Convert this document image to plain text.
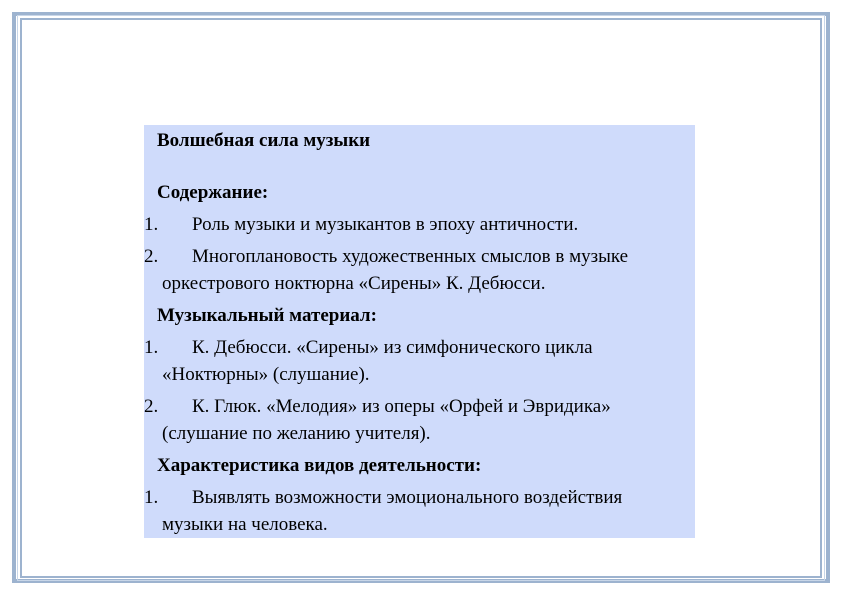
Волшебная сила музыки
Содержание:
1. Роль музыки и музыкантов в эпоху античности.
2. Многоплановость художественных смыслов в музыке
оркестрового ноктюрна «Сирены» К. Дебюсси.
Музыкальный материал:
1. К. Дебюсси. «Сирены» из симфонического цикла
«Ноктюрны» (слушание).
2. К. Глюк. «Мелодия» из оперы «Орфей и Эвридика»
(слушание по желанию учителя).
Характеристика видов деятельности:
1. Выявлять возможности эмоционального воздействия
музыки на человека.
